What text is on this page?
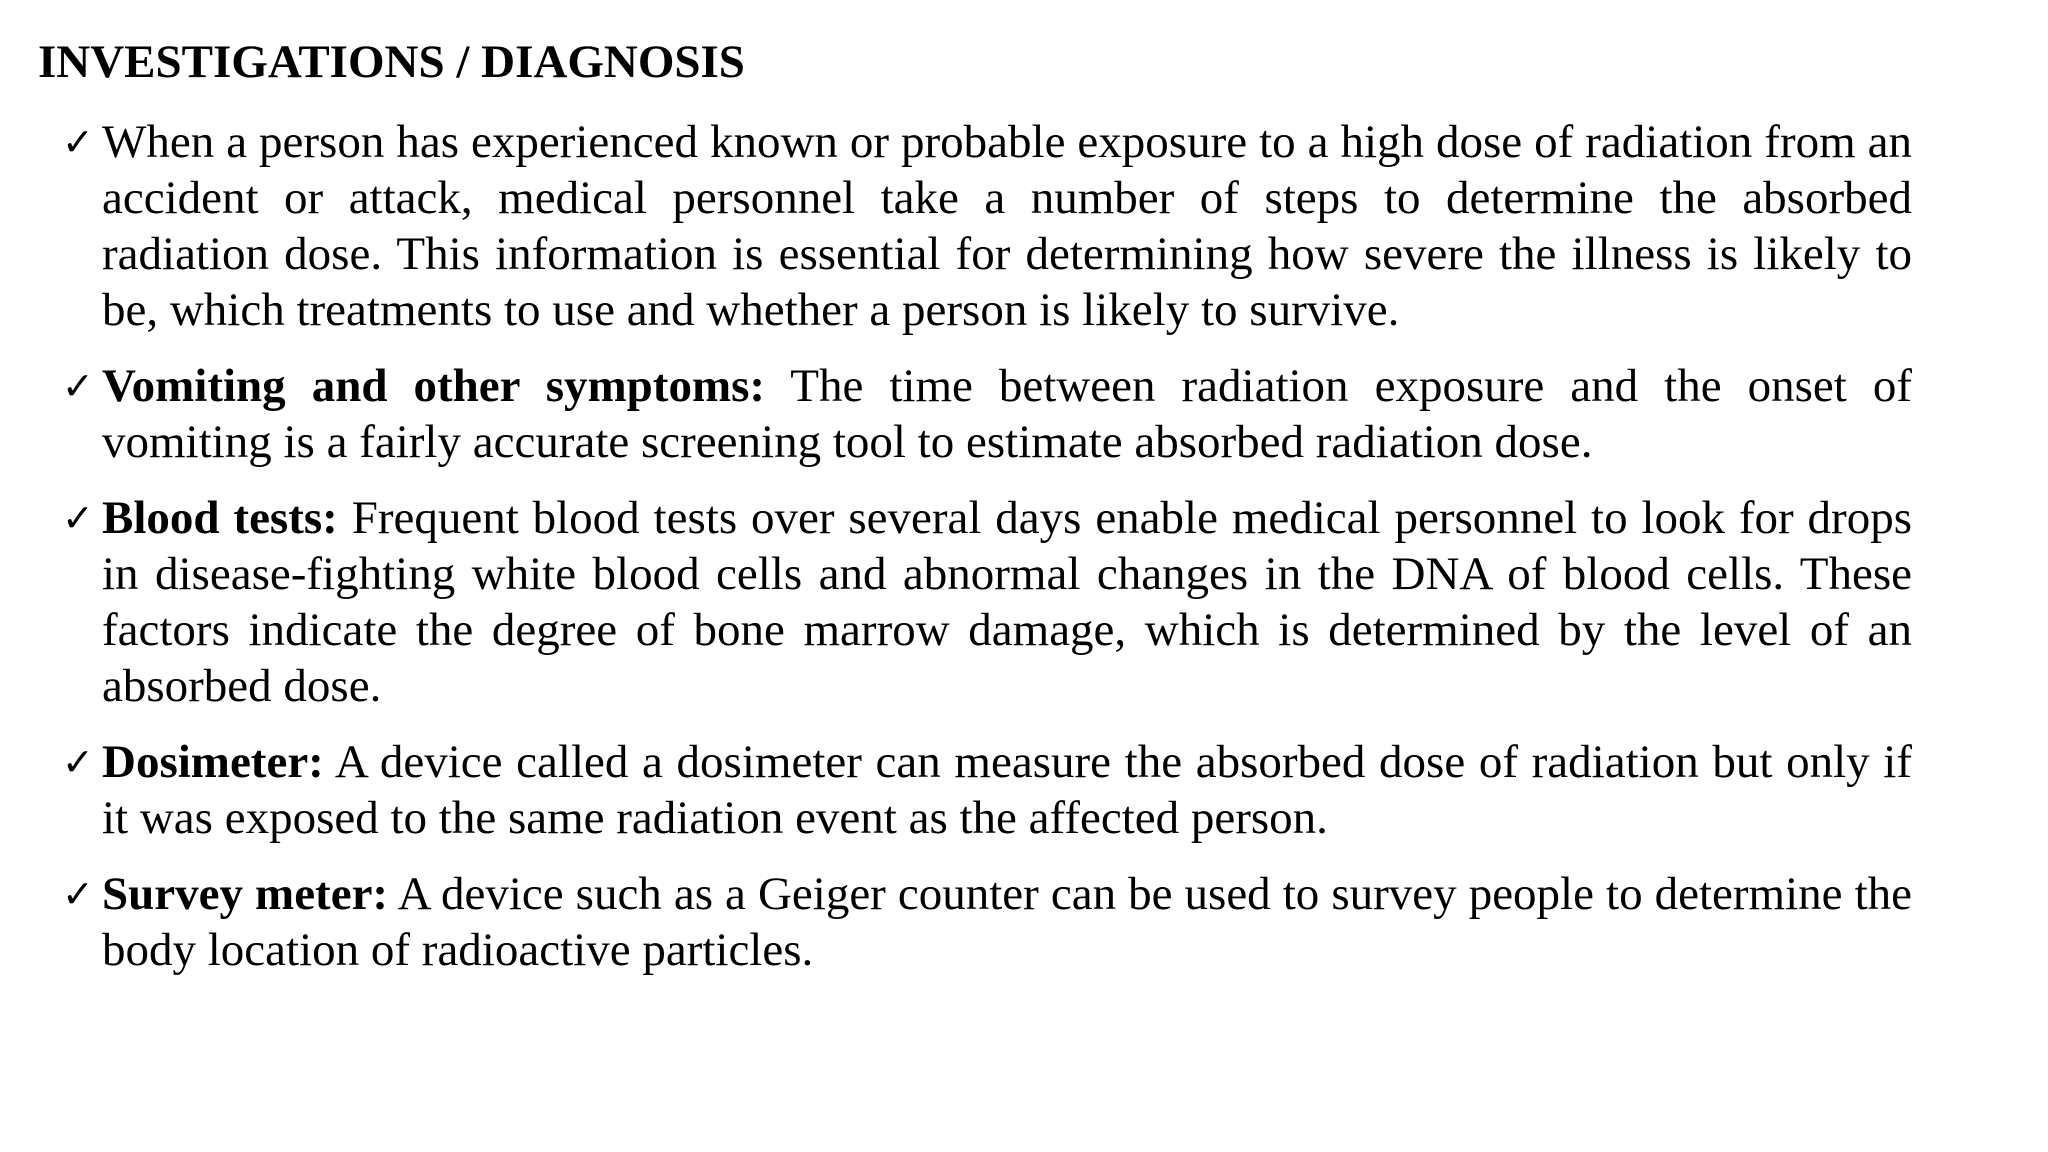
INVESTIGATIONS / DIAGNOSIS
✓ When a person has experienced known or probable exposure to a high dose of radiation from an accident or attack, medical personnel take a number of steps to determine the absorbed radiation dose. This information is essential for determining how severe the illness is likely to be, which treatments to use and whether a person is likely to survive.
✓ Vomiting and other symptoms: The time between radiation exposure and the onset of vomiting is a fairly accurate screening tool to estimate absorbed radiation dose.
✓ Blood tests: Frequent blood tests over several days enable medical personnel to look for drops in disease-fighting white blood cells and abnormal changes in the DNA of blood cells. These factors indicate the degree of bone marrow damage, which is determined by the level of an absorbed dose.
✓ Dosimeter: A device called a dosimeter can measure the absorbed dose of radiation but only if it was exposed to the same radiation event as the affected person.
✓ Survey meter: A device such as a Geiger counter can be used to survey people to determine the body location of radioactive particles.
